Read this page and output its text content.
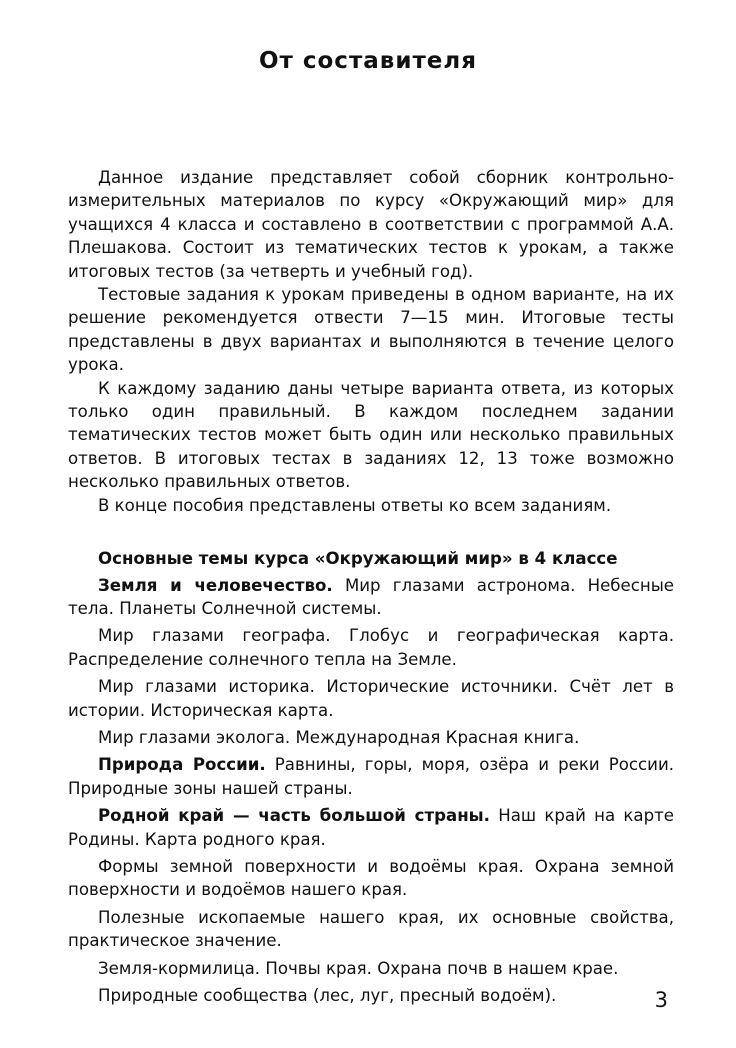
От составителя

Данное издание представляет собой сборник контрольно-измерительных материалов по курсу «Окружающий мир» для учащихся 4 класса и составлено в соответствии с программой А.А. Плешакова. Состоит из тематических тестов к урокам, а также итоговых тестов (за четверть и учебный год).

Тестовые задания к урокам приведены в одном варианте, на их решение рекомендуется отвести 7—15 мин. Итоговые тесты представлены в двух вариантах и выполняются в течение целого урока.

К каждому заданию даны четыре варианта ответа, из которых только один правильный. В каждом последнем задании тематических тестов может быть один или несколько правильных ответов. В итоговых тестах в заданиях 12, 13 тоже возможно несколько правильных ответов.

В конце пособия представлены ответы ко всем заданиям.

Основные темы курса «Окружающий мир» в 4 классе

Земля и человечество. Мир глазами астронома. Небесные тела. Планеты Солнечной системы.

Мир глазами географа. Глобус и географическая карта. Распределение солнечного тепла на Земле.

Мир глазами историка. Исторические источники. Счёт лет в истории. Историческая карта.

Мир глазами эколога. Международная Красная книга.

Природа России. Равнины, горы, моря, озёра и реки России. Природные зоны нашей страны.

Родной край — часть большой страны. Наш край на карте Родины. Карта родного края.

Формы земной поверхности и водоёмы края. Охрана земной поверхности и водоёмов нашего края.

Полезные ископаемые нашего края, их основные свойства, практическое значение.

Земля-кормилица. Почвы края. Охрана почв в нашем крае.

Природные сообщества (лес, луг, пресный водоём).	3
